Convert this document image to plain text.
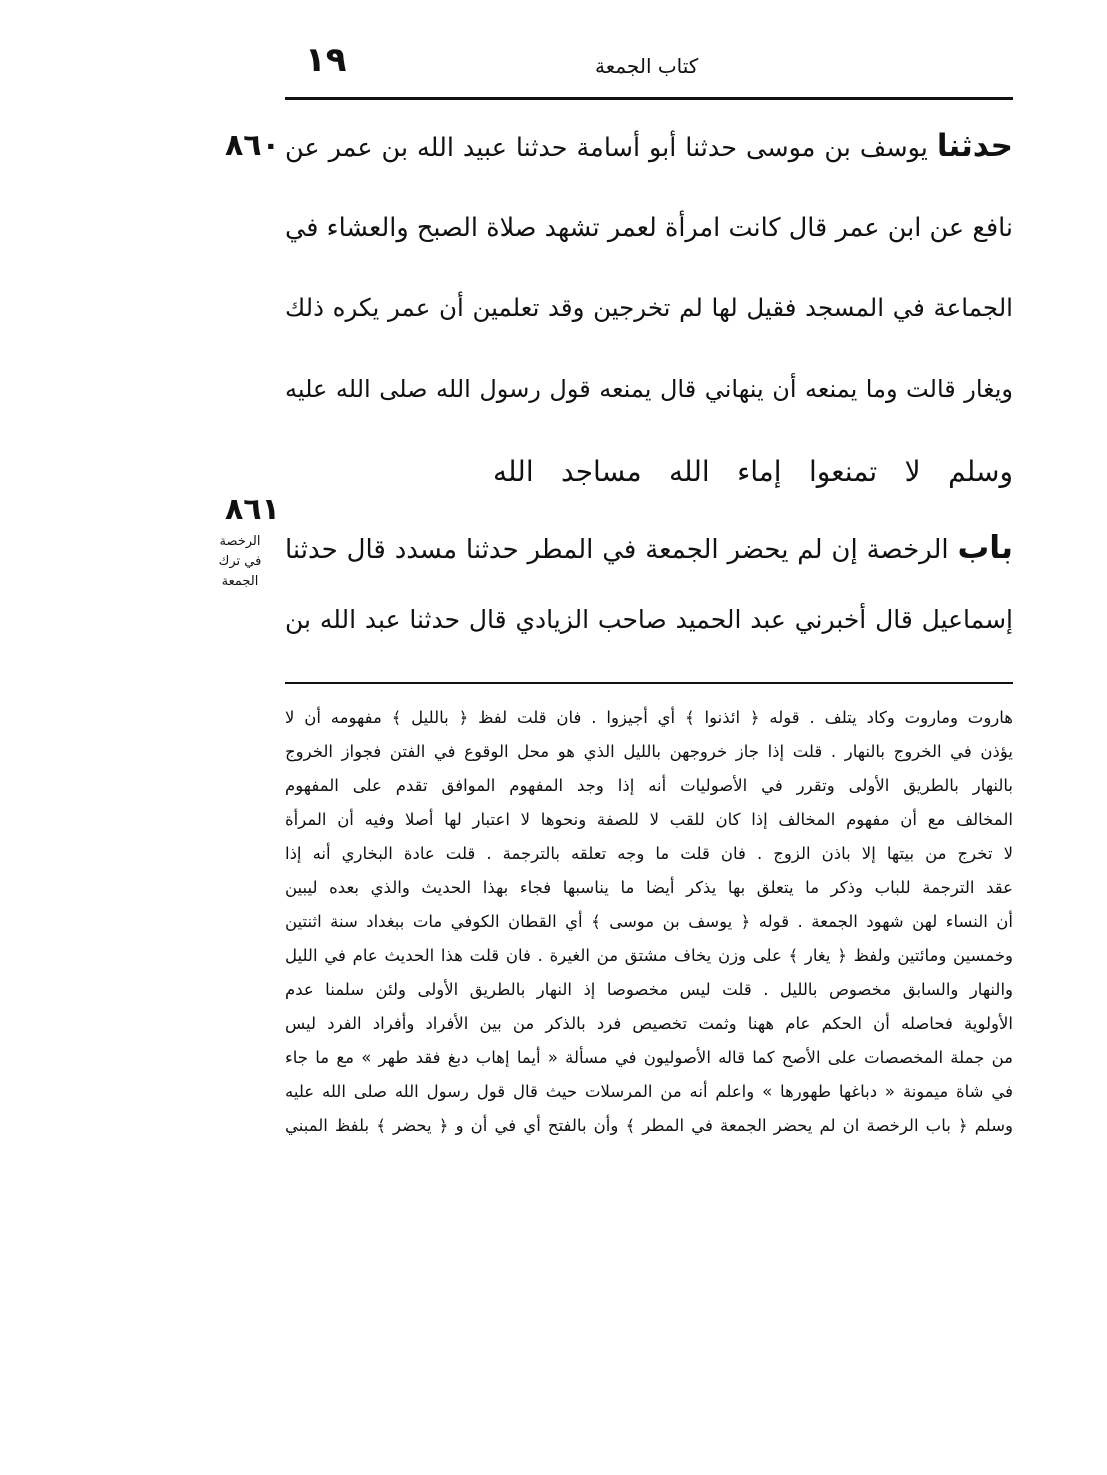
١٩	كتاب الجمعة
٨٦٠
٨٦١
الرخصة
في ترك الجمعة
حدثنا يوسف بن موسى حدثنا أبو أسامة حدثنا عبيد الله بن عمر عن
نافع عن ابن عمر قال كانت امرأة لعمر تشهد صلاة الصبح والعشاء في
الجماعة في المسجد فقيل لها لم تخرجين وقد تعلمين أن عمر يكره ذلك
ويغار قالت وما يمنعه أن ينهاني قال يمنعه قول رسول الله صلى الله عليه
وسلم لا تمنعوا إماء الله مساجد الله
باب الرخصة إن لم يحضر الجمعة في المطر حدثنا مسدد قال حدثنا
إسماعيل قال أخبرني عبد الحميد صاحب الزيادي قال حدثنا عبد الله بن
هاروت وماروت وكاد يتلف . قوله ﴿ ائذنوا ﴾ أي أجيزوا . فان قلت لفظ ﴿ بالليل ﴾ مفهومه أن لا
يؤذن في الخروج بالنهار . قلت إذا جاز خروجهن بالليل الذي هو محل الوقوع في الفتن فجواز الخروج
بالنهار بالطريق الأولى وتقرر في الأصوليات أنه إذا وجد المفهوم الموافق تقدم على المفهوم
المخالف مع أن مفهوم المخالف إذا كان للقب لا للصفة ونحوها لا اعتبار لها أصلا وفيه أن المرأة
لا تخرج من بيتها إلا باذن الزوج . فان قلت ما وجه تعلقه بالترجمة . قلت عادة البخاري أنه إذا
عقد الترجمة للباب وذكر ما يتعلق بها يذكر أيضا ما يناسبها فجاء بهذا الحديث والذي بعده ليبين
أن النساء لهن شهود الجمعة . قوله ﴿ يوسف بن موسى ﴾ أي القطان الكوفي مات ببغداد سنة اثنتين
وخمسين ومائتين ولفظ ﴿ يغار ﴾ على وزن يخاف مشتق من الغيرة . فان قلت هذا الحديث عام في الليل
والنهار والسابق مخصوص بالليل . قلت ليس مخصوصا إذ النهار بالطريق الأولى ولئن سلمنا عدم
الأولوية فحاصله أن الحكم عام ههنا وثمت تخصيص فرد بالذكر من بين الأفراد وأفراد الفرد ليس
من جملة المخصصات على الأصح كما قاله الأصوليون في مسألة « أيما إهاب دبغ فقد طهر » مع ما جاء
في شاة ميمونة « دباغها طهورها » واعلم أنه من المرسلات حيث قال قول رسول الله صلى الله عليه
وسلم ﴿ باب الرخصة ان لم يحضر الجمعة في المطر ﴾ وأن بالفتح أي في أن و ﴿ يحضر ﴾ بلفظ المبني
